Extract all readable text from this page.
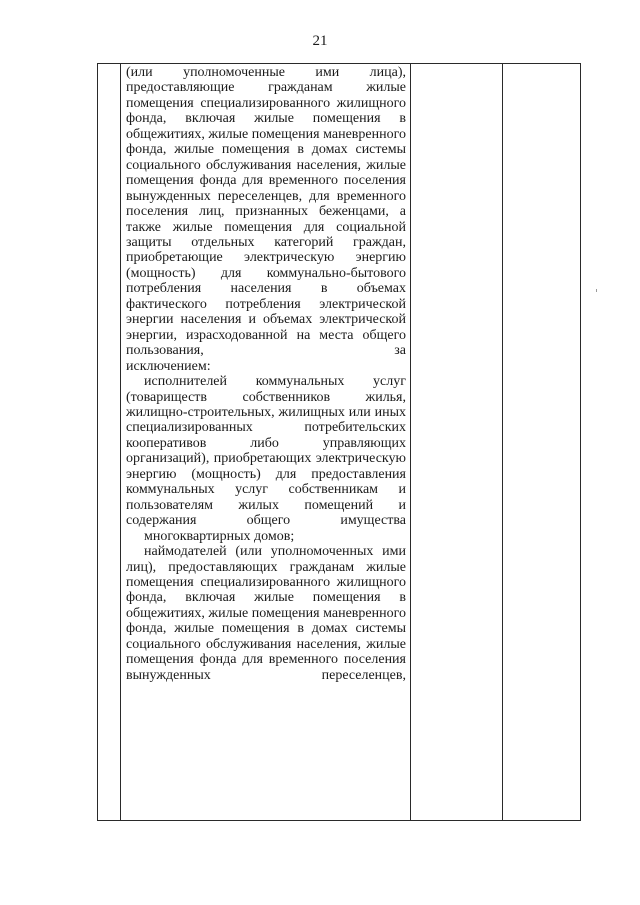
21

(или уполномоченные ими лица), предоставляющие гражданам жилые помещения специализированного жилищного фонда, включая жилые помещения в общежитиях, жилые помещения маневренного фонда, жилые помещения в домах системы социального обслуживания населения, жилые помещения фонда для временного поселения вынужденных переселенцев, для временного поселения лиц, признанных беженцами, а также жилые помещения для социальной защиты отдельных категорий граждан, приобретающие электрическую энергию (мощность) для коммунально-бытового потребления населения в объемах фактического потребления электрической энергии населения и объемах электрической энергии, израсходованной на места общего пользования, за
исключением:

исполнителей коммунальных услуг (товариществ собственников жилья, жилищно-строительных, жилищных или иных специализированных потребительских кооперативов либо управляющих организаций), приобретающих электрическую энергию (мощность) для предоставления коммунальных услуг собственникам и пользователям жилых помещений и содержания общего имущества
многоквартирных домов;

наймодателей (или уполномоченных ими лиц), предоставляющих гражданам жилые помещения специализированного жилищного фонда, включая жилые помещения в общежитиях, жилые помещения маневренного фонда, жилые помещения в домах системы социального обслуживания населения, жилые помещения фонда для временного поселения вынужденных переселенцев,
